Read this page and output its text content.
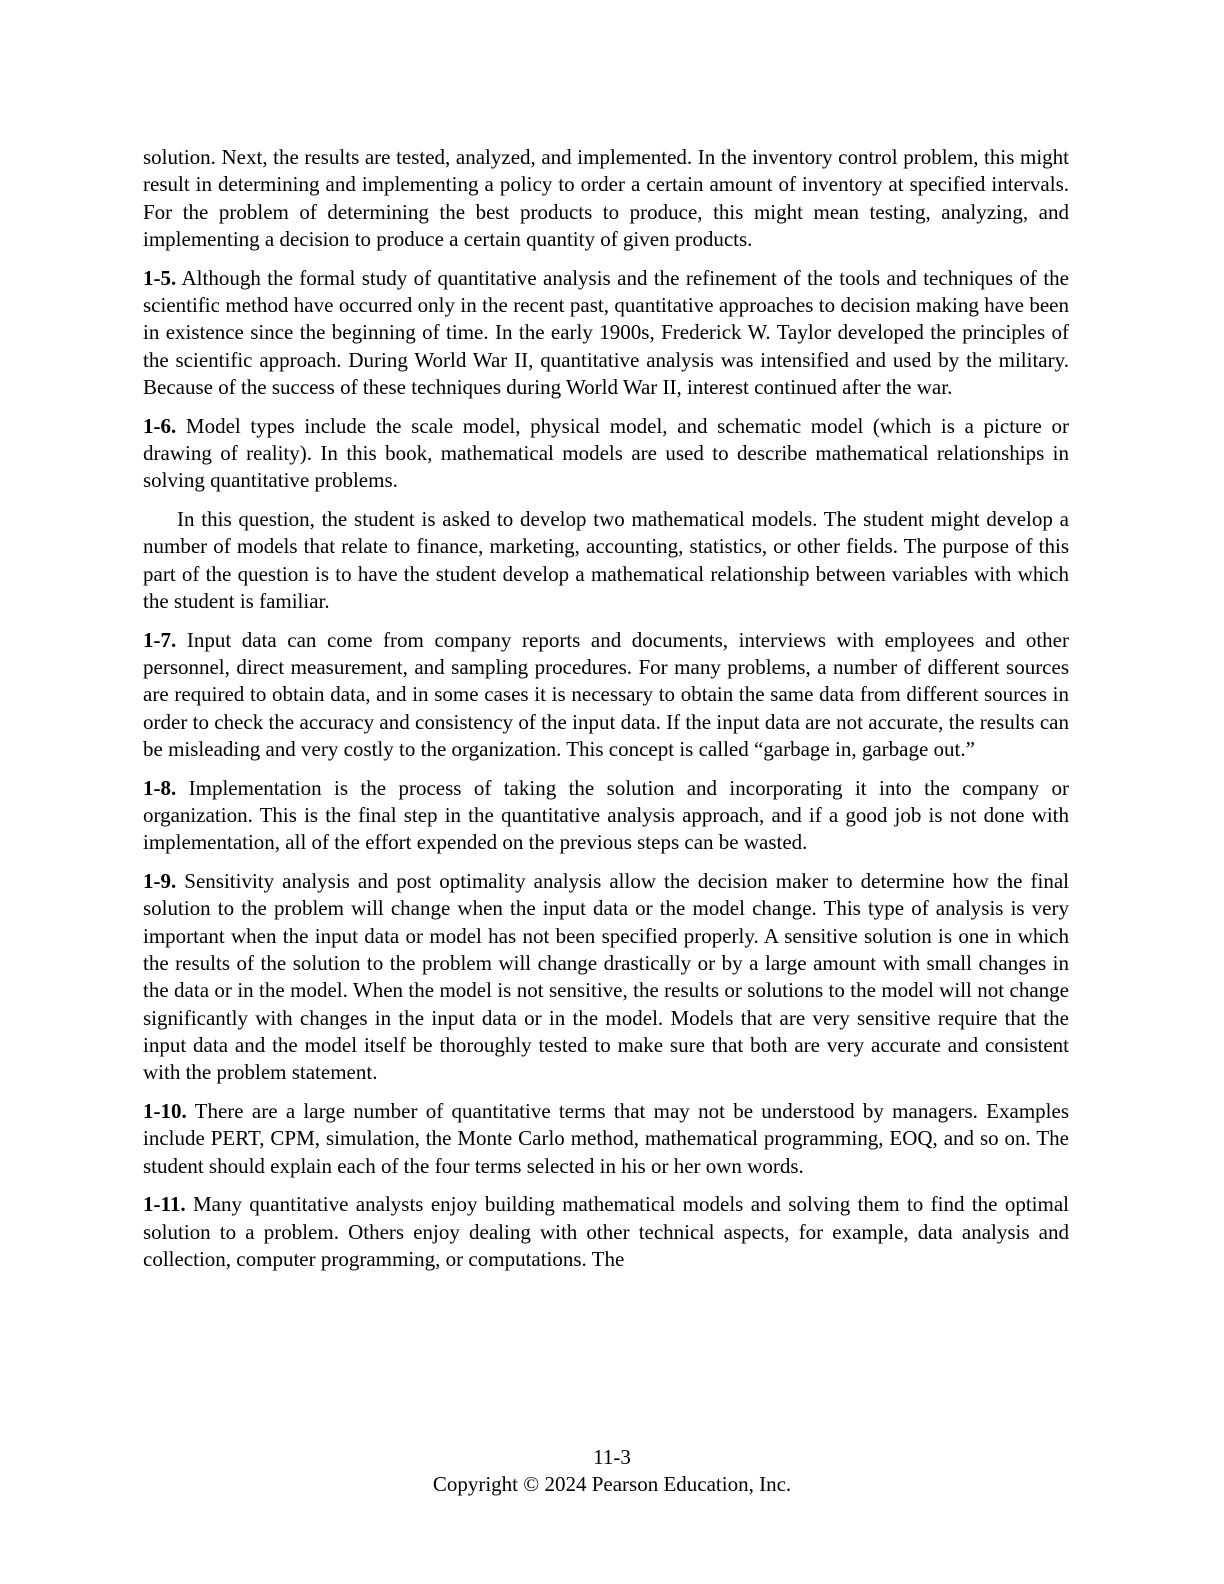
solution. Next, the results are tested, analyzed, and implemented. In the inventory control problem, this might result in determining and implementing a policy to order a certain amount of inventory at specified intervals. For the problem of determining the best products to produce, this might mean testing, analyzing, and implementing a decision to produce a certain quantity of given products.

1-5. Although the formal study of quantitative analysis and the refinement of the tools and techniques of the scientific method have occurred only in the recent past, quantitative approaches to decision making have been in existence since the beginning of time. In the early 1900s, Frederick W. Taylor developed the principles of the scientific approach. During World War II, quantitative analysis was intensified and used by the military. Because of the success of these techniques during World War II, interest continued after the war.

1-6. Model types include the scale model, physical model, and schematic model (which is a picture or drawing of reality). In this book, mathematical models are used to describe mathematical relationships in solving quantitative problems.

In this question, the student is asked to develop two mathematical models. The student might develop a number of models that relate to finance, marketing, accounting, statistics, or other fields. The purpose of this part of the question is to have the student develop a mathematical relationship between variables with which the student is familiar.

1-7. Input data can come from company reports and documents, interviews with employees and other personnel, direct measurement, and sampling procedures. For many problems, a number of different sources are required to obtain data, and in some cases it is necessary to obtain the same data from different sources in order to check the accuracy and consistency of the input data. If the input data are not accurate, the results can be misleading and very costly to the organization. This concept is called “garbage in, garbage out.”

1-8. Implementation is the process of taking the solution and incorporating it into the company or organization. This is the final step in the quantitative analysis approach, and if a good job is not done with implementation, all of the effort expended on the previous steps can be wasted.

1-9. Sensitivity analysis and post optimality analysis allow the decision maker to determine how the final solution to the problem will change when the input data or the model change. This type of analysis is very important when the input data or model has not been specified properly. A sensitive solution is one in which the results of the solution to the problem will change drastically or by a large amount with small changes in the data or in the model. When the model is not sensitive, the results or solutions to the model will not change significantly with changes in the input data or in the model. Models that are very sensitive require that the input data and the model itself be thoroughly tested to make sure that both are very accurate and consistent with the problem statement.

1-10. There are a large number of quantitative terms that may not be understood by managers. Examples include PERT, CPM, simulation, the Monte Carlo method, mathematical programming, EOQ, and so on. The student should explain each of the four terms selected in his or her own words.

1-11. Many quantitative analysts enjoy building mathematical models and solving them to find the optimal solution to a problem. Others enjoy dealing with other technical aspects, for example, data analysis and collection, computer programming, or computations. The

11-3
Copyright © 2024 Pearson Education, Inc.
